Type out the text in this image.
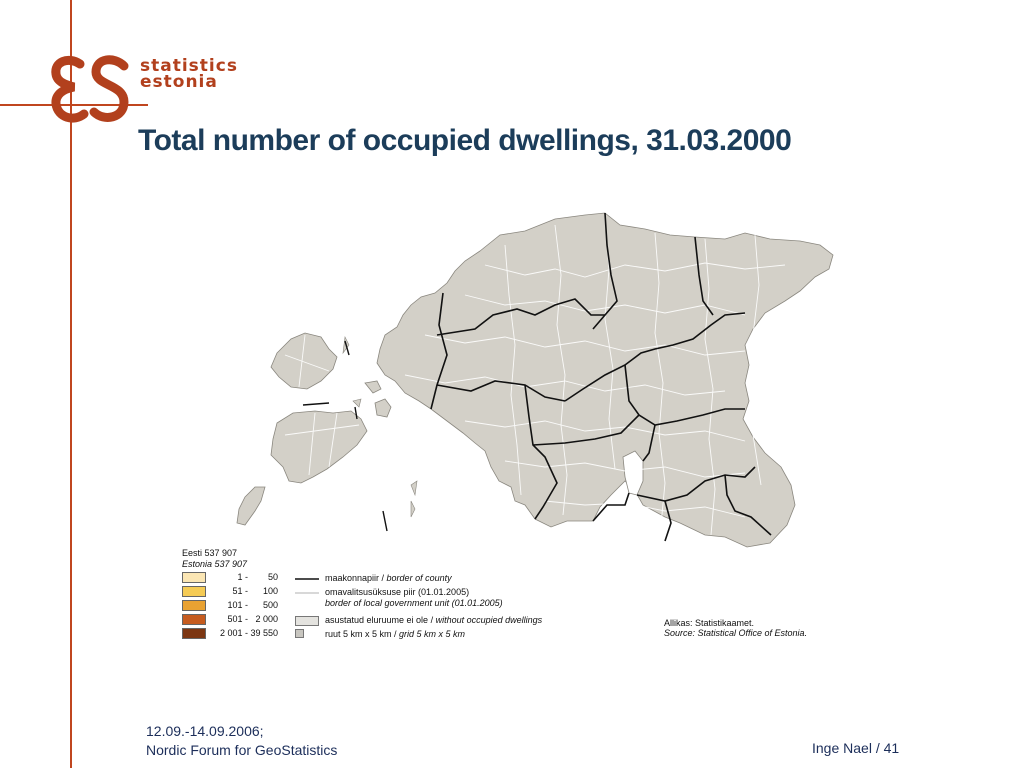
statistics
estonia
Total number of occupied dwellings, 31.03.2000
Eesti 537 907
Estonia 537 907
1 -        50
51 -      100
101 -      500
501 -   2 000
2 001 - 39 550
maakonnapiir / border of county
omavalitsusüksuse piir (01.01.2005)
border of local government unit (01.01.2005)
asustatud eluruume ei ole / without occupied dwellings
ruut 5 km x 5 km / grid 5 km x 5 km
Allikas: Statistikaamet.
Source: Statistical Office of Estonia.
12.09.-14.09.2006;
Nordic Forum for GeoStatistics	Inge Nael / 41
